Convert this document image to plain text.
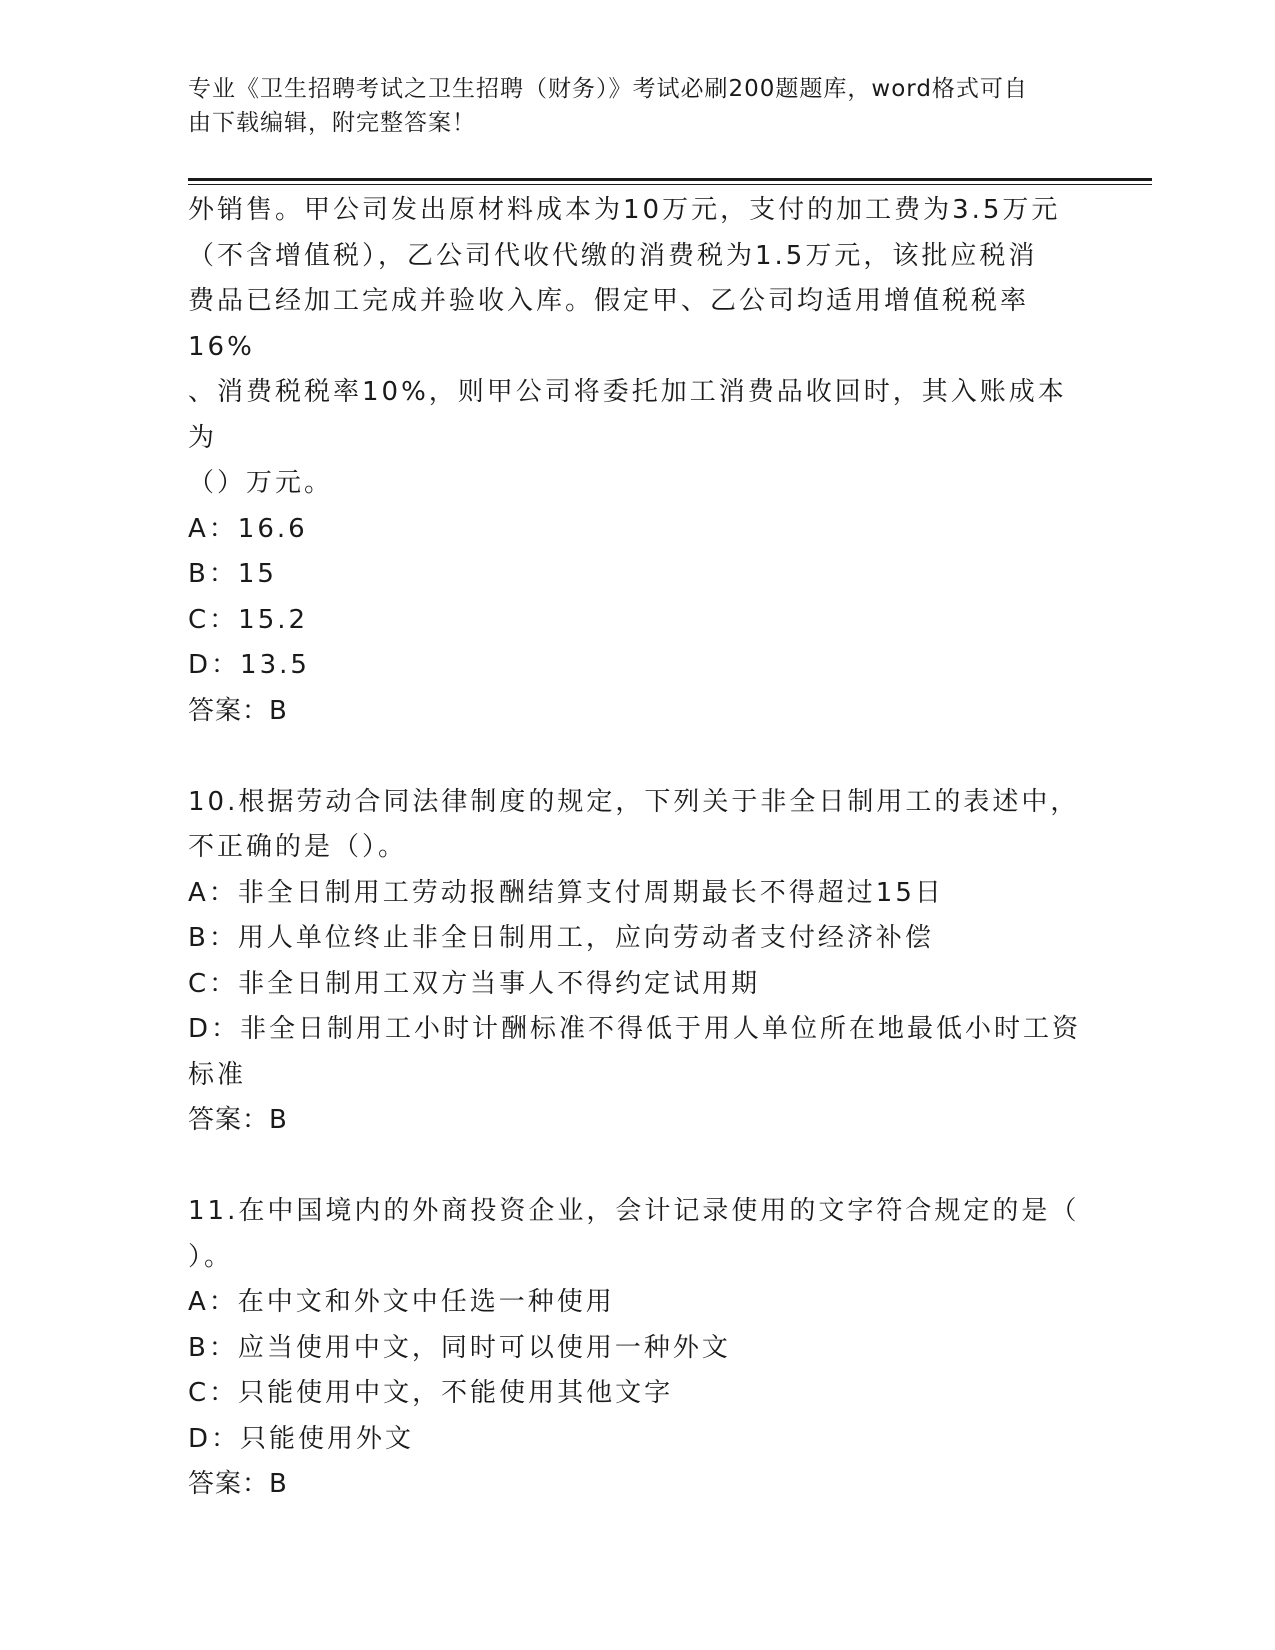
专业《卫生招聘考试之卫生招聘（财务）》考试必刷200题题库，word格式可自
由下载编辑，附完整答案！

外销售。甲公司发出原材料成本为10万元，支付的加工费为3.5万元

（不含增值税），乙公司代收代缴的消费税为1.5万元，该批应税消

费品已经加工完成并验收入库。假定甲、乙公司均适用增值税税率16%

、消费税税率10%，则甲公司将委托加工消费品收回时，其入账成本为

（）万元。

A：16.6

B：15

C：15.2

D：13.5

答案：B

10.根据劳动合同法律制度的规定，下列关于非全日制用工的表述中，

不正确的是（）。

A：非全日制用工劳动报酬结算支付周期最长不得超过15日

B：用人单位终止非全日制用工，应向劳动者支付经济补偿

C：非全日制用工双方当事人不得约定试用期

D：非全日制用工小时计酬标准不得低于用人单位所在地最低小时工资

标准

答案：B

11.在中国境内的外商投资企业，会计记录使用的文字符合规定的是（

）。

A：在中文和外文中任选一种使用

B：应当使用中文，同时可以使用一种外文

C：只能使用中文，不能使用其他文字

D：只能使用外文

答案：B
